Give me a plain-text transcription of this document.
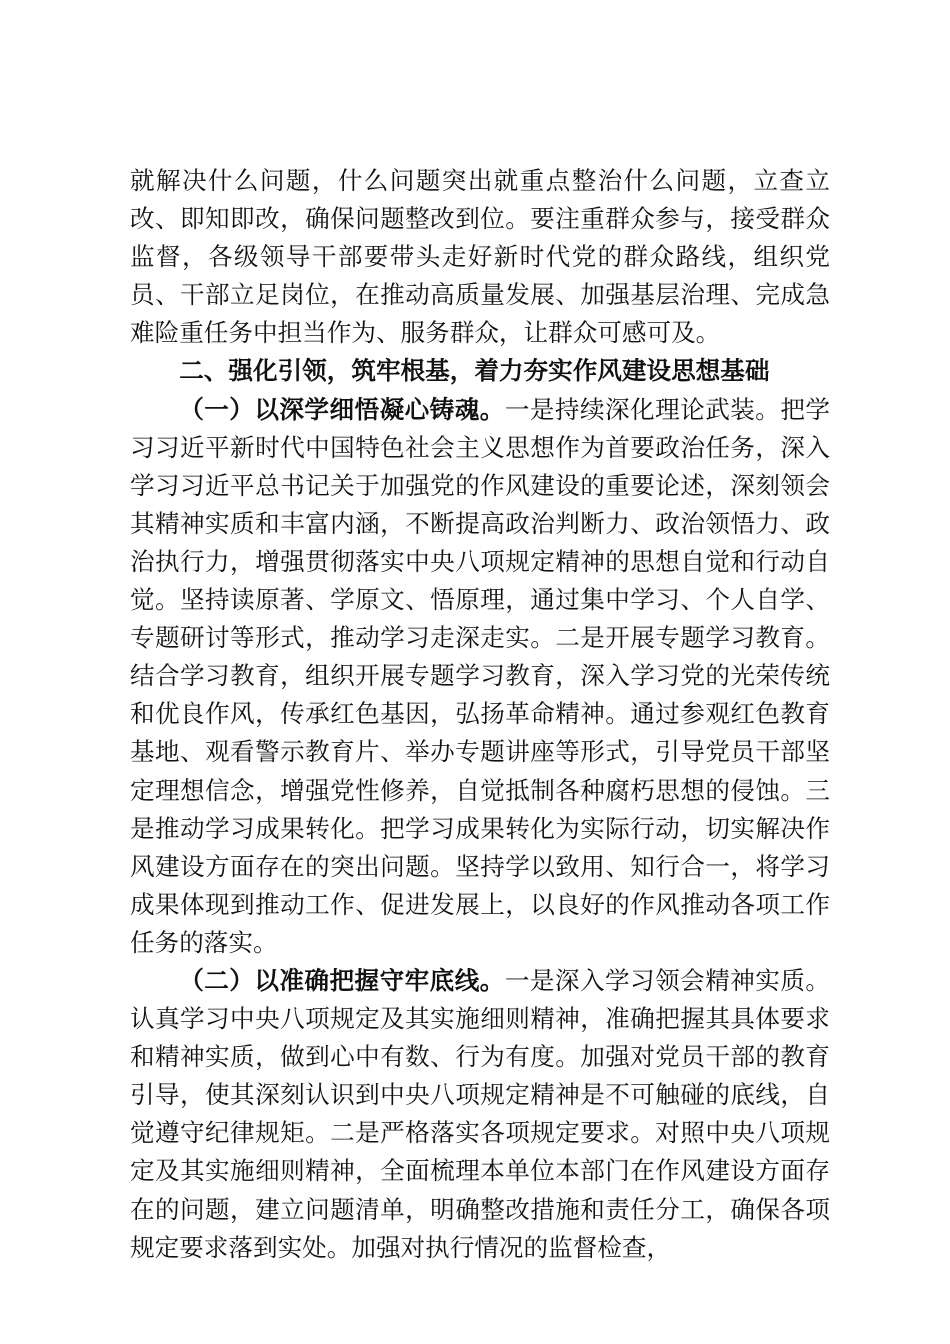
就解决什么问题，什么问题突出就重点整治什么问题，立查立改、即知即改，确保问题整改到位。要注重群众参与，接受群众监督，各级领导干部要带头走好新时代党的群众路线，组织党员、干部立足岗位，在推动高质量发展、加强基层治理、完成急难险重任务中担当作为、服务群众，让群众可感可及。

二、强化引领，筑牢根基，着力夯实作风建设思想基础

（一）以深学细悟凝心铸魂。一是持续深化理论武装。把学习习近平新时代中国特色社会主义思想作为首要政治任务，深入学习习近平总书记关于加强党的作风建设的重要论述，深刻领会其精神实质和丰富内涵，不断提高政治判断力、政治领悟力、政治执行力，增强贯彻落实中央八项规定精神的思想自觉和行动自觉。坚持读原著、学原文、悟原理，通过集中学习、个人自学、专题研讨等形式，推动学习走深走实。二是开展专题学习教育。结合学习教育，组织开展专题学习教育，深入学习党的光荣传统和优良作风，传承红色基因，弘扬革命精神。通过参观红色教育基地、观看警示教育片、举办专题讲座等形式，引导党员干部坚定理想信念，增强党性修养，自觉抵制各种腐朽思想的侵蚀。三是推动学习成果转化。把学习成果转化为实际行动，切实解决作风建设方面存在的突出问题。坚持学以致用、知行合一，将学习成果体现到推动工作、促进发展上，以良好的作风推动各项工作任务的落实。

（二）以准确把握守牢底线。一是深入学习领会精神实质。认真学习中央八项规定及其实施细则精神，准确把握其具体要求和精神实质，做到心中有数、行为有度。加强对党员干部的教育引导，使其深刻认识到中央八项规定精神是不可触碰的底线，自觉遵守纪律规矩。二是严格落实各项规定要求。对照中央八项规定及其实施细则精神，全面梳理本单位本部门在作风建设方面存在的问题，建立问题清单，明确整改措施和责任分工，确保各项规定要求落到实处。加强对执行情况的监督检查，
